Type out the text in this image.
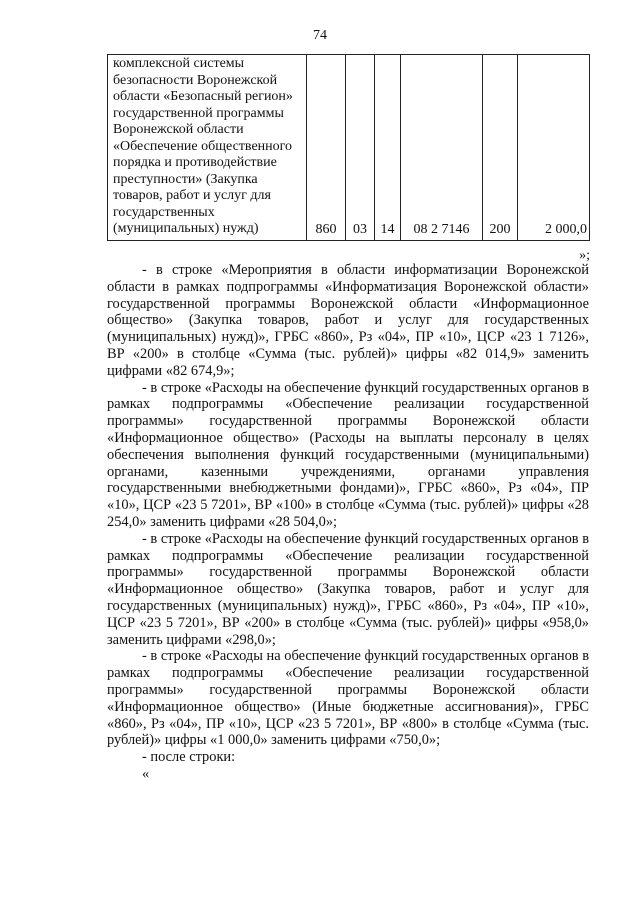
74
комплексной системы безопасности Воронежской области «Безопасный регион» государственной программы Воронежской области «Обеспечение общественного порядка и противодействие преступности» (Закупка товаров, работ и услуг для государственных (муниципальных) нужд)	860	03	14	08 2 7146	200	2 000,0
»;

- в строке «Мероприятия в области информатизации Воронежской области в рамках подпрограммы «Информатизация Воронежской области» государственной программы Воронежской области «Информационное общество» (Закупка товаров, работ и услуг для государственных (муниципальных) нужд)», ГРБС «860», Рз «04», ПР «10», ЦСР «23 1 7126», ВР «200» в столбце «Сумма (тыс. рублей)» цифры «82 014,9» заменить цифрами «82 674,9»;

- в строке «Расходы на обеспечение функций государственных органов в рамках подпрограммы «Обеспечение реализации государственной программы» государственной программы Воронежской области «Информационное общество» (Расходы на выплаты персоналу в целях обеспечения выполнения функций государственными (муниципальными) органами, казенными учреждениями, органами управления государственными внебюджетными фондами)», ГРБС «860», Рз «04», ПР «10», ЦСР «23 5 7201», ВР «100» в столбце «Сумма (тыс. рублей)» цифры «28 254,0» заменить цифрами «28 504,0»;

- в строке «Расходы на обеспечение функций государственных органов в рамках подпрограммы «Обеспечение реализации государственной программы» государственной программы Воронежской области «Информационное общество» (Закупка товаров, работ и услуг для государственных (муниципальных) нужд)», ГРБС «860», Рз «04», ПР «10», ЦСР «23 5 7201», ВР «200» в столбце «Сумма (тыс. рублей)» цифры «958,0» заменить цифрами «298,0»;

- в строке «Расходы на обеспечение функций государственных органов в рамках подпрограммы «Обеспечение реализации государственной программы» государственной программы Воронежской области «Информационное общество» (Иные бюджетные ассигнования)», ГРБС «860», Рз «04», ПР «10», ЦСР «23 5 7201», ВР «800» в столбце «Сумма (тыс. рублей)» цифры «1 000,0» заменить цифрами «750,0»;

- после строки:

«
